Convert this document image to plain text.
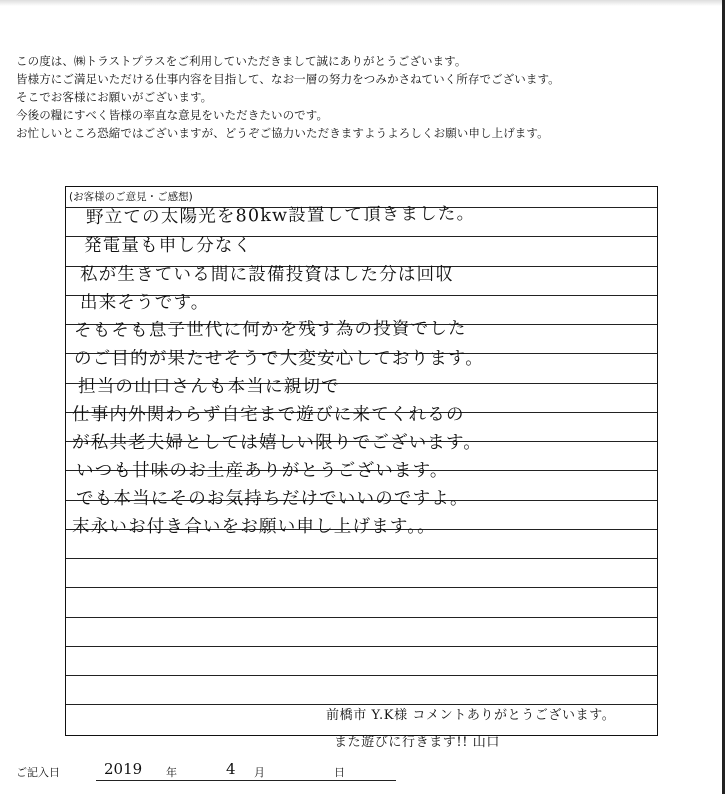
この度は、㈱トラストプラスをご利用していただきまして誠にありがとうございます。
皆様方にご満足いただける仕事内容を目指して、なお一層の努力をつみかさねていく所存でございます。
そこでお客様にお願いがございます。
今後の糧にすべく皆様の率直な意見をいただきたいのです。
お忙しいところ恐縮ではございますが、どうぞご協力いただきますようよろしくお願い申し上げます。
(お客様のご意見・ご感想)
野立ての太陽光を80kw設置して頂きました。
発電量も申し分なく
私が生きている間に設備投資はした分は回収
出来そうです。
そもそも息子世代に何かを残す為の投資でした
のご目的が果たせそうで大変安心しております。
担当の山口さんも本当に親切で
仕事内外関わらず自宅まで遊びに来てくれるの
が私共老夫婦としては嬉しい限りでございます。
いつも甘味のお土産ありがとうございます。
でも本当にそのお気持ちだけでいいのですよ。
末永いお付き合いをお願い申し上げます。。
前橋市 Y.K様 コメントありがとうございます。
また遊びに行きます!! 山口
ご記入日	2019 年	4 月	日
